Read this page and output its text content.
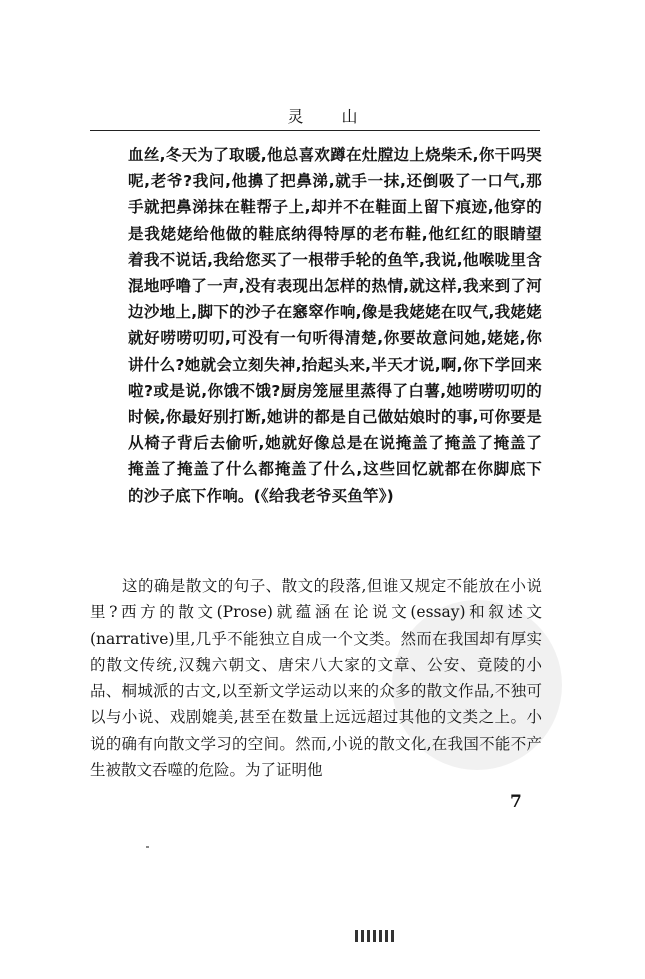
灵山
血丝,冬天为了取暖,他总喜欢蹲在灶膛边上烧柴禾,你干吗哭呢,老爷?我问,他擤了把鼻涕,就手一抹,还倒吸了一口气,那手就把鼻涕抹在鞋帮子上,却并不在鞋面上留下痕迹,他穿的是我姥姥给他做的鞋底纳得特厚的老布鞋,他红红的眼睛望着我不说话,我给您买了一根带手轮的鱼竿,我说,他喉咙里含混地呼噜了一声,没有表现出怎样的热情,就这样,我来到了河边沙地上,脚下的沙子在窸窣作响,像是我姥姥在叹气,我姥姥就好唠唠叨叨,可没有一句听得清楚,你要故意问她,姥姥,你讲什么?她就会立刻失神,抬起头来,半天才说,啊,你下学回来啦?或是说,你饿不饿?厨房笼屉里蒸得了白薯,她唠唠叨叨的时候,你最好别打断,她讲的都是自己做姑娘时的事,可你要是从椅子背后去偷听,她就好像总是在说掩盖了掩盖了掩盖了掩盖了掩盖了什么都掩盖了什么,这些回忆就都在你脚底下的沙子底下作响。(《给我老爷买鱼竿》)
这的确是散文的句子、散文的段落,但谁又规定不能放在小说里?西方的散文(Prose)就蕴涵在论说文(essay)和叙述文(narrative)里,几乎不能独立自成一个文类。然而在我国却有厚实的散文传统,汉魏六朝文、唐宋八大家的文章、公安、竟陵的小品、桐城派的古文,以至新文学运动以来的众多的散文作品,不独可以与小说、戏剧媲美,甚至在数量上远远超过其他的文类之上。小说的确有向散文学习的空间。然而,小说的散文化,在我国不能不产生被散文吞噬的危险。为了证明他
7
